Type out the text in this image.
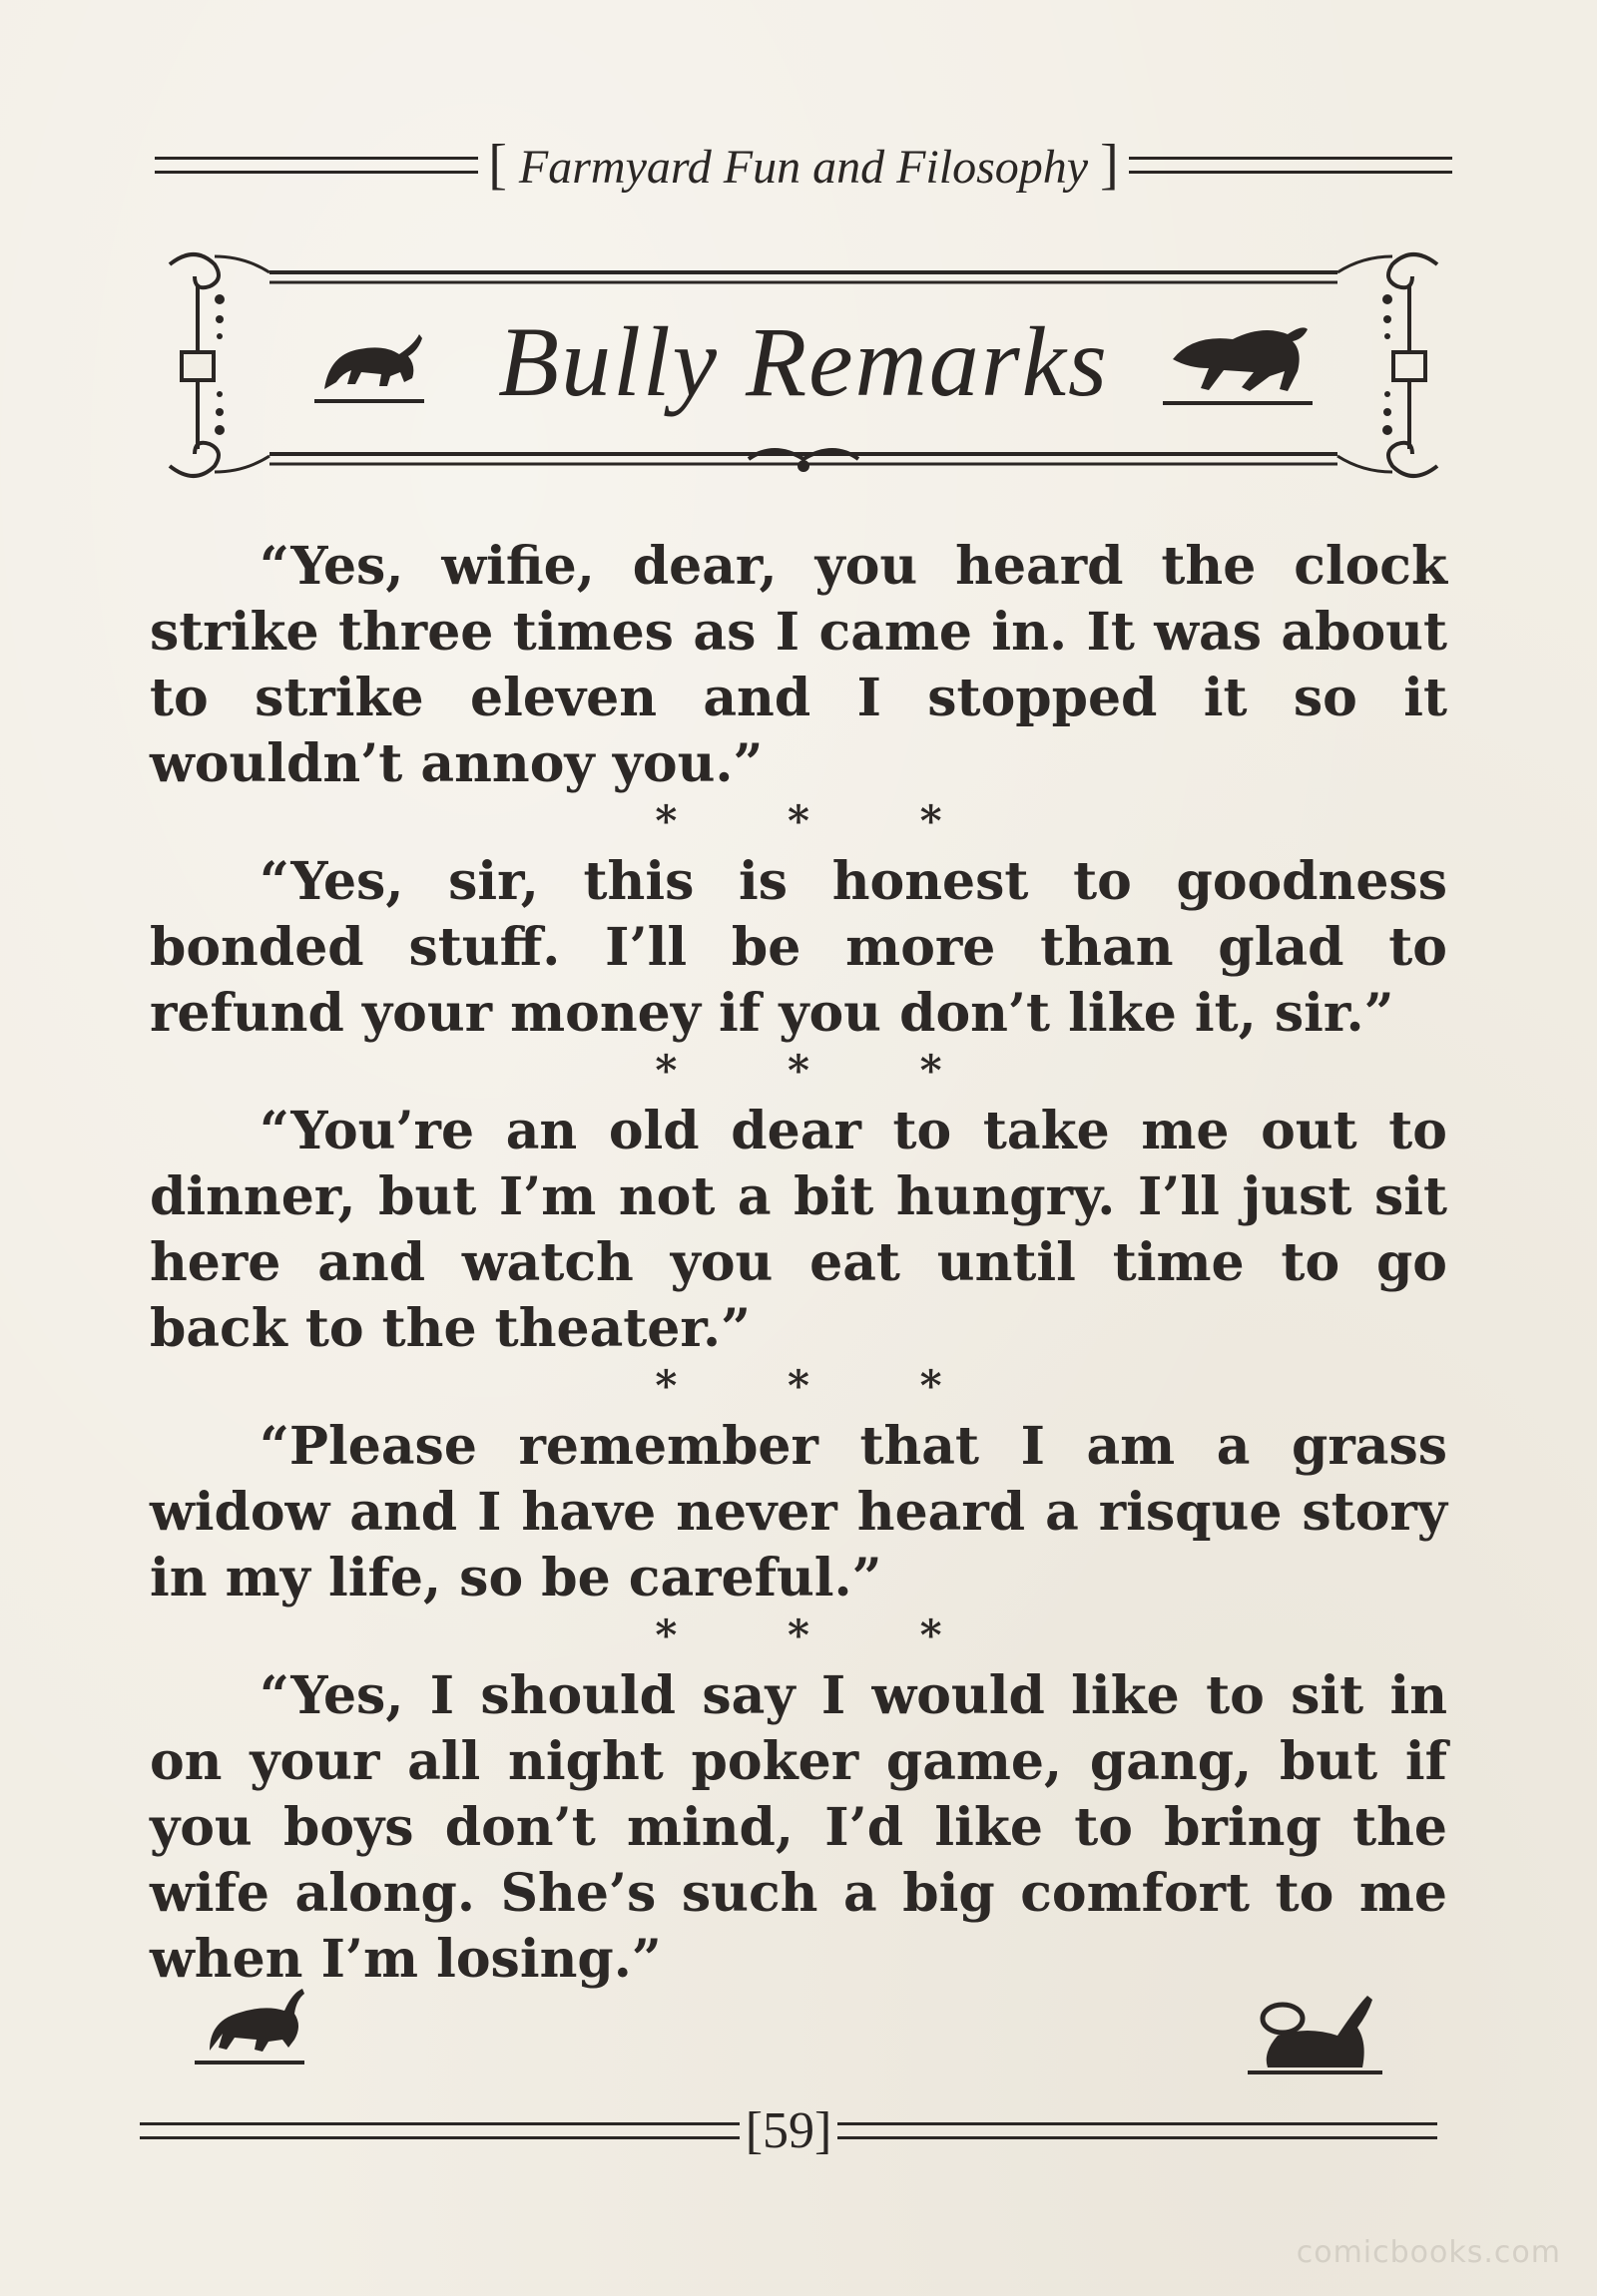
[ Farmyard Fun and Filosophy ]
Bully Remarks

“Yes, wifie, dear, you heard the clock strike three times as I came in. It was about to strike eleven and I stopped it so it wouldn’t annoy you.”

* * *

“Yes, sir, this is honest to goodness bonded stuff. I’ll be more than glad to refund your money if you don’t like it, sir.”

* * *

“You’re an old dear to take me out to dinner, but I’m not a bit hungry. I’ll just sit here and watch you eat until time to go back to the theater.”

* * *

“Please remember that I am a grass widow and I have never heard a risque story in my life, so be careful.”

* * *

“Yes, I should say I would like to sit in on your all night poker game, gang, but if you boys don’t mind, I’d like to bring the wife along. She’s such a big comfort to me when I’m losing.”

[59]
comicbooks.com
